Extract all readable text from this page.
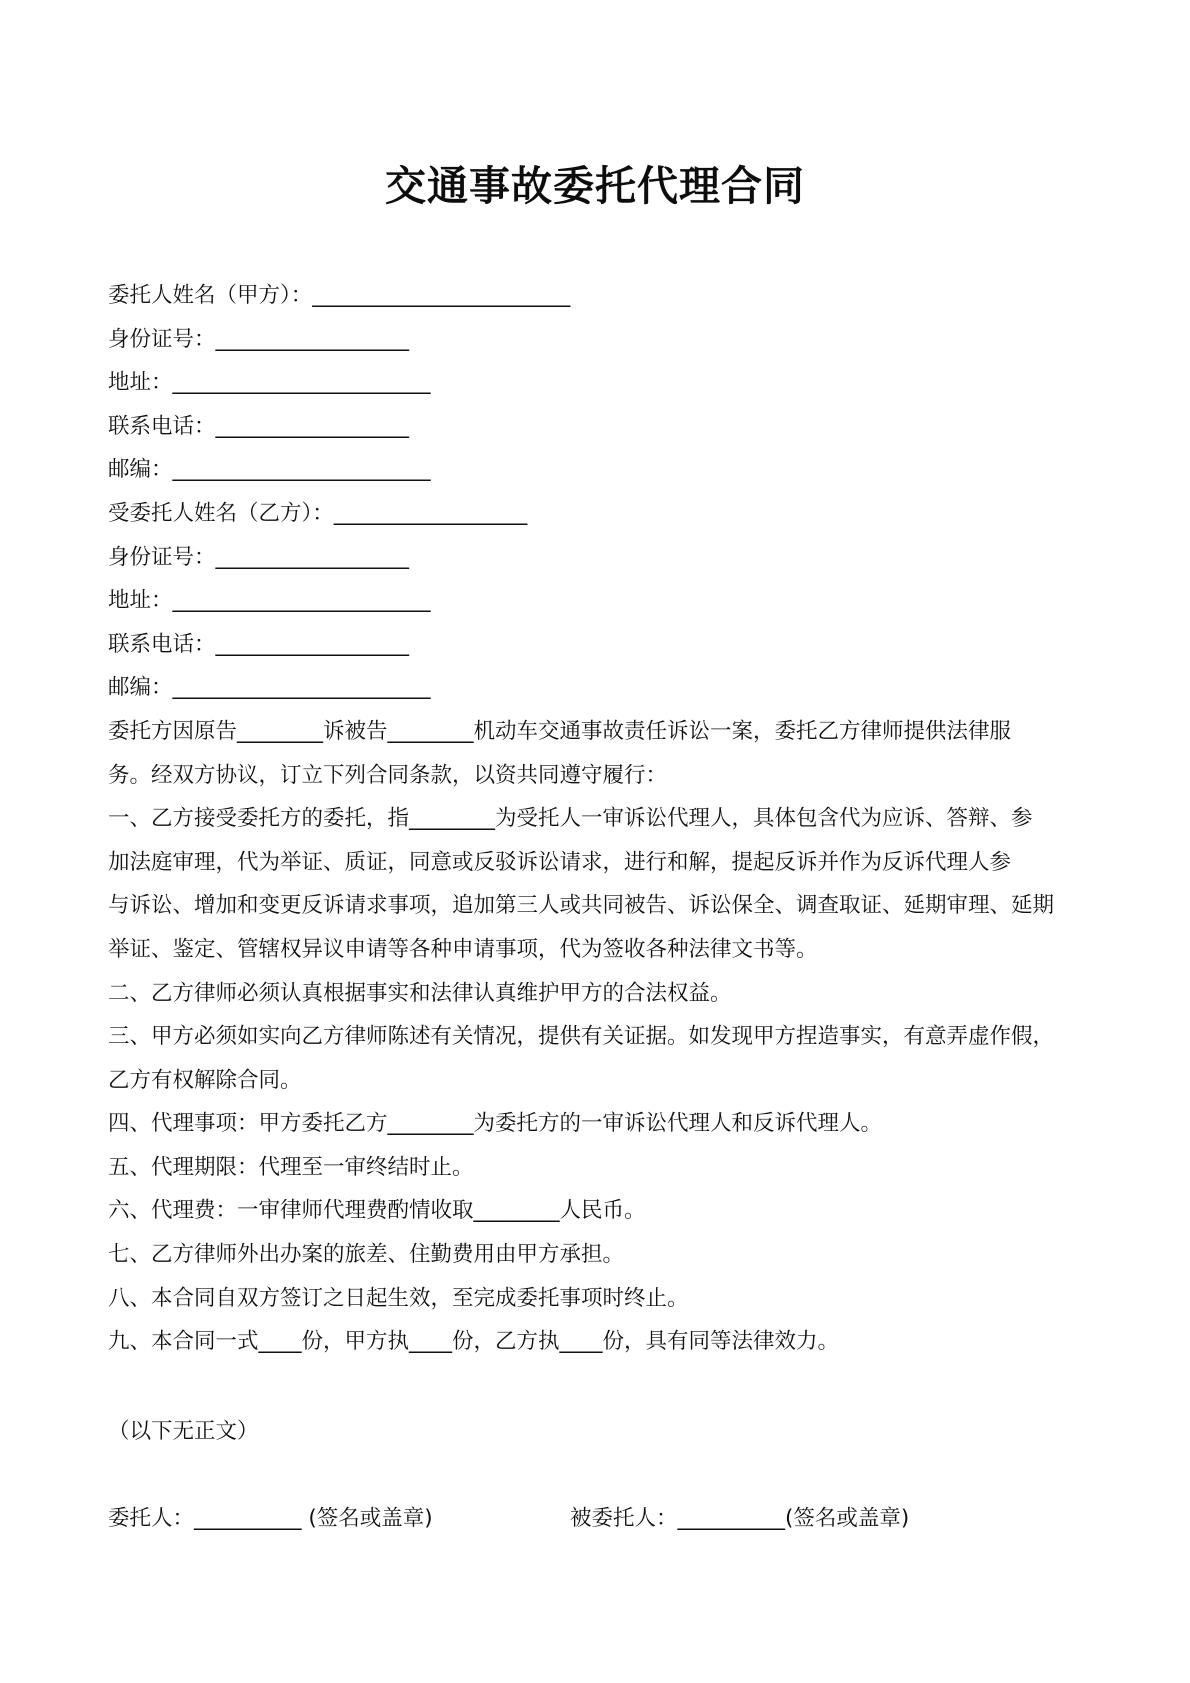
交通事故委托代理合同

委托人姓名（甲方）：________________________

身份证号：__________________

地址：________________________

联系电话：__________________

邮编：________________________

受委托人姓名（乙方）：__________________

身份证号：__________________

地址：________________________

联系电话：__________________

邮编：________________________

委托方因原告________诉被告________机动车交通事故责任诉讼一案，委托乙方律师提供法律服

务。经双方协议，订立下列合同条款，以资共同遵守履行：

一、乙方接受委托方的委托，指________为受托人一审诉讼代理人，具体包含代为应诉、答辩、参

加法庭审理，代为举证、质证，同意或反驳诉讼请求，进行和解，提起反诉并作为反诉代理人参

与诉讼、增加和变更反诉请求事项，追加第三人或共同被告、诉讼保全、调查取证、延期审理、延期

举证、鉴定、管辖权异议申请等各种申请事项，代为签收各种法律文书等。

二、乙方律师必须认真根据事实和法律认真维护甲方的合法权益。

三、甲方必须如实向乙方律师陈述有关情况，提供有关证据。如发现甲方捏造事实，有意弄虚作假，

乙方有权解除合同。

四、代理事项：甲方委托乙方________为委托方的一审诉讼代理人和反诉代理人。

五、代理期限：代理至一审终结时止。

六、代理费：一审律师代理费酌情收取________人民币。

七、乙方律师外出办案的旅差、住勤费用由甲方承担。

八、本合同自双方签订之日起生效，至完成委托事项时终止。

九、本合同一式____份，甲方执____份，乙方执____份，具有同等法律效力。

（以下无正文）
委托人：__________ (签名或盖章)	被委托人：__________(签名或盖章)
